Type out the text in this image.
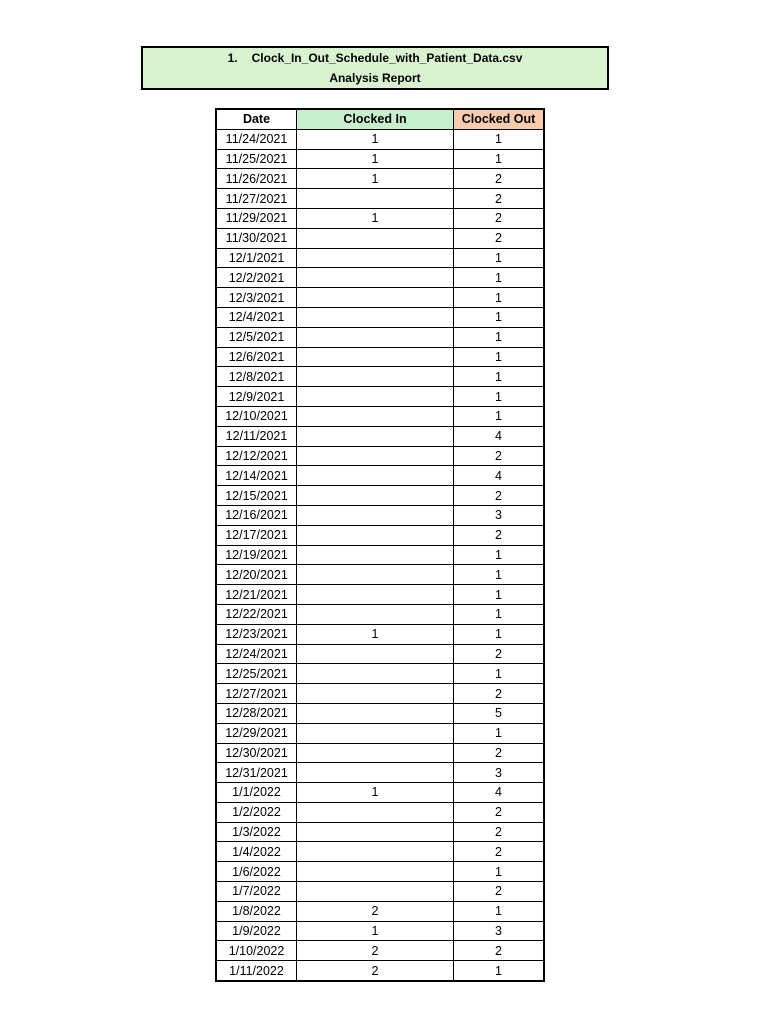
1. Clock_In_Out_Schedule_with_Patient_Data.csv
Analysis Report
Date	Clocked In	Clocked Out
11/24/2021	1	1
11/25/2021	1	1
11/26/2021	1	2
11/27/2021		2
11/29/2021	1	2
11/30/2021		2
12/1/2021		1
12/2/2021		1
12/3/2021		1
12/4/2021		1
12/5/2021		1
12/6/2021		1
12/8/2021		1
12/9/2021		1
12/10/2021		1
12/11/2021		4
12/12/2021		2
12/14/2021		4
12/15/2021		2
12/16/2021		3
12/17/2021		2
12/19/2021		1
12/20/2021		1
12/21/2021		1
12/22/2021		1
12/23/2021	1	1
12/24/2021		2
12/25/2021		1
12/27/2021		2
12/28/2021		5
12/29/2021		1
12/30/2021		2
12/31/2021		3
1/1/2022	1	4
1/2/2022		2
1/3/2022		2
1/4/2022		2
1/6/2022		1
1/7/2022		2
1/8/2022	2	1
1/9/2022	1	3
1/10/2022	2	2
1/11/2022	2	1
